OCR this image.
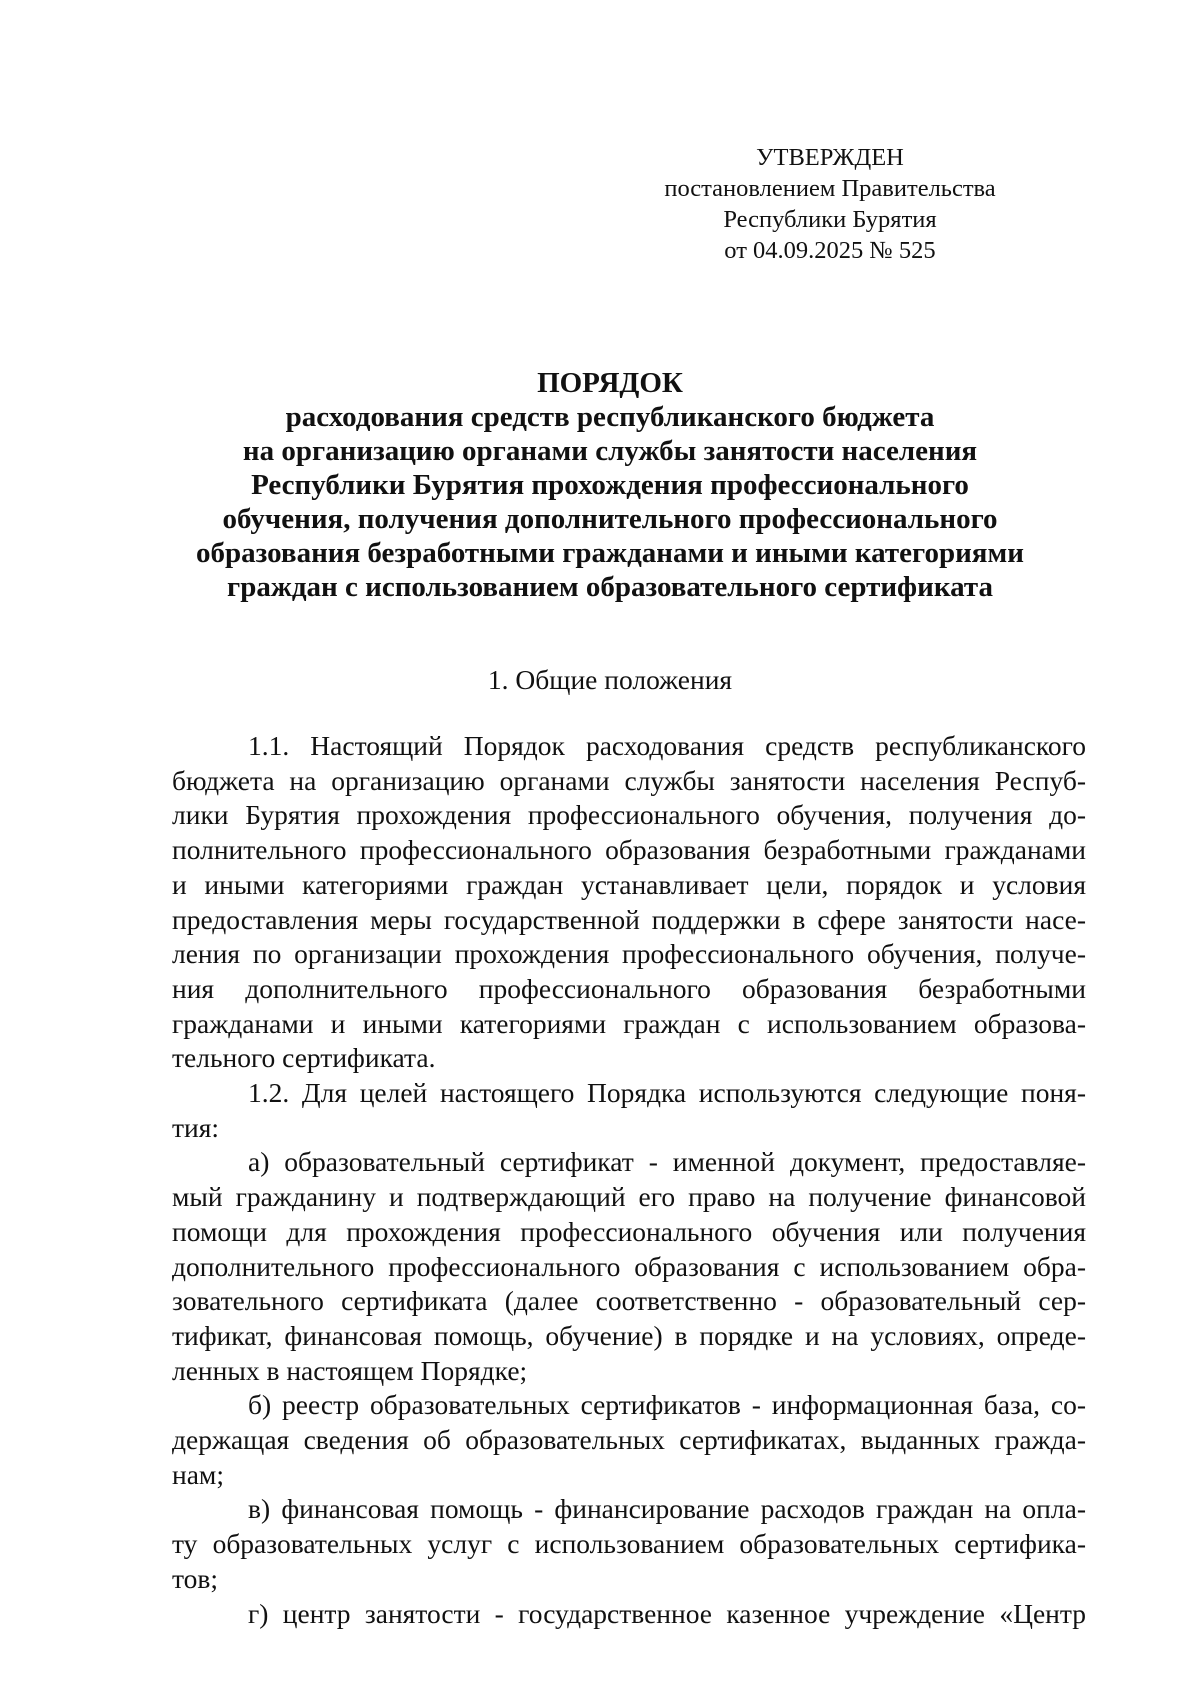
УТВЕРЖДЕН
постановлением Правительства
Республики Бурятия
от 04.09.2025 № 525
ПОРЯДОК
расходования средств республиканского бюджета
на организацию органами службы занятости населения
Республики Бурятия прохождения профессионального
обучения, получения дополнительного профессионального
образования безработными гражданами и иными категориями
граждан с использованием образовательного сертификата
1. Общие положения
1.1. Настоящий Порядок расходования средств республиканского
бюджета на организацию органами службы занятости населения Респуб-
лики Бурятия прохождения профессионального обучения, получения до-
полнительного профессионального образования безработными гражданами
и иными категориями граждан устанавливает цели, порядок и условия
предоставления меры государственной поддержки в сфере занятости насе-
ления по организации прохождения профессионального обучения, получе-
ния дополнительного профессионального образования безработными
гражданами и иными категориями граждан с использованием образова-
тельного сертификата.
1.2. Для целей настоящего Порядка используются следующие поня-
тия:
а) образовательный сертификат - именной документ, предоставляе-
мый гражданину и подтверждающий его право на получение финансовой
помощи для прохождения профессионального обучения или получения
дополнительного профессионального образования с использованием обра-
зовательного сертификата (далее соответственно - образовательный сер-
тификат, финансовая помощь, обучение) в порядке и на условиях, опреде-
ленных в настоящем Порядке;
б) реестр образовательных сертификатов - информационная база, со-
держащая сведения об образовательных сертификатах, выданных гражда-
нам;
в) финансовая помощь - финансирование расходов граждан на опла-
ту образовательных услуг с использованием образовательных сертифика-
тов;
г) центр занятости - государственное казенное учреждение «Центр
